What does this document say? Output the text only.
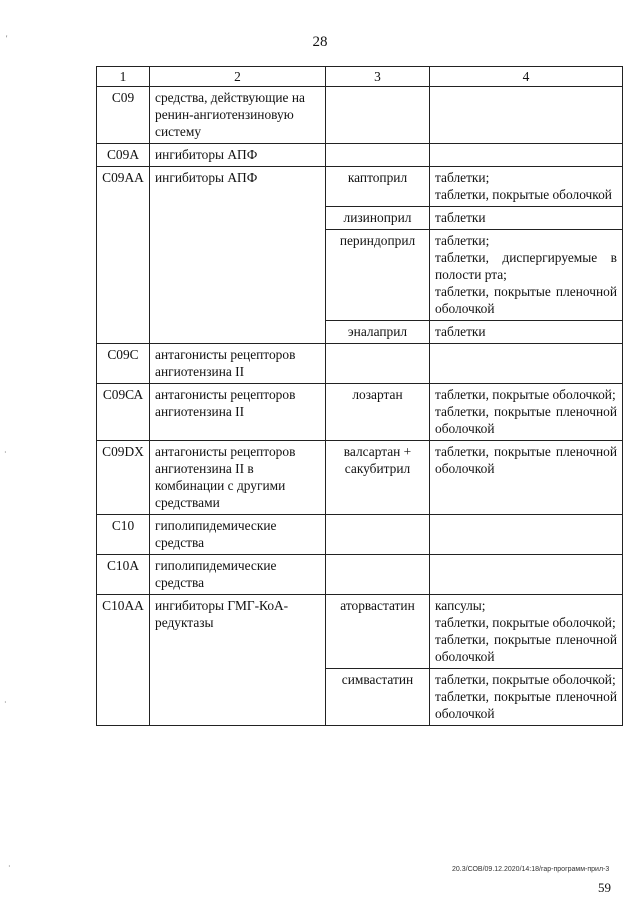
28
1	2	3	4
С09	средства, действующие на ренин-ангиотензиновую систему		
С09А	ингибиторы АПФ		
С09АА	ингибиторы АПФ	каптоприл	таблетки;
таблетки, покрытые оболочкой

		лизиноприл	таблетки

		периндоприл	таблетки;
таблетки, диспергируемые в полости рта;
таблетки, покрытые пленочной оболочкой

		эналаприл	таблетки

С09С	антагонисты рецепторов ангиотензина II		
С09СА	антагонисты рецепторов ангиотензина II	лозартан	таблетки, покрытые оболочкой;
таблетки, покрытые пленочной оболочкой

С09DX	антагонисты рецепторов ангиотензина II в комбинации с другими средствами	валсартан + сакубитрил	таблетки, покрытые пленочной оболочкой

С10	гиполипидемические средства		
С10А	гиполипидемические средства		
С10АА	ингибиторы ГМГ-КоА-редуктазы	аторвастатин	капсулы;
таблетки, покрытые оболочкой;
таблетки, покрытые пленочной оболочкой

		симвастатин	таблетки, покрытые оболочкой;
таблетки, покрытые пленочной оболочкой
'
·
·
·	20.3/СОВ/09.12.2020/14:18/гар-программ-прил-3
59
